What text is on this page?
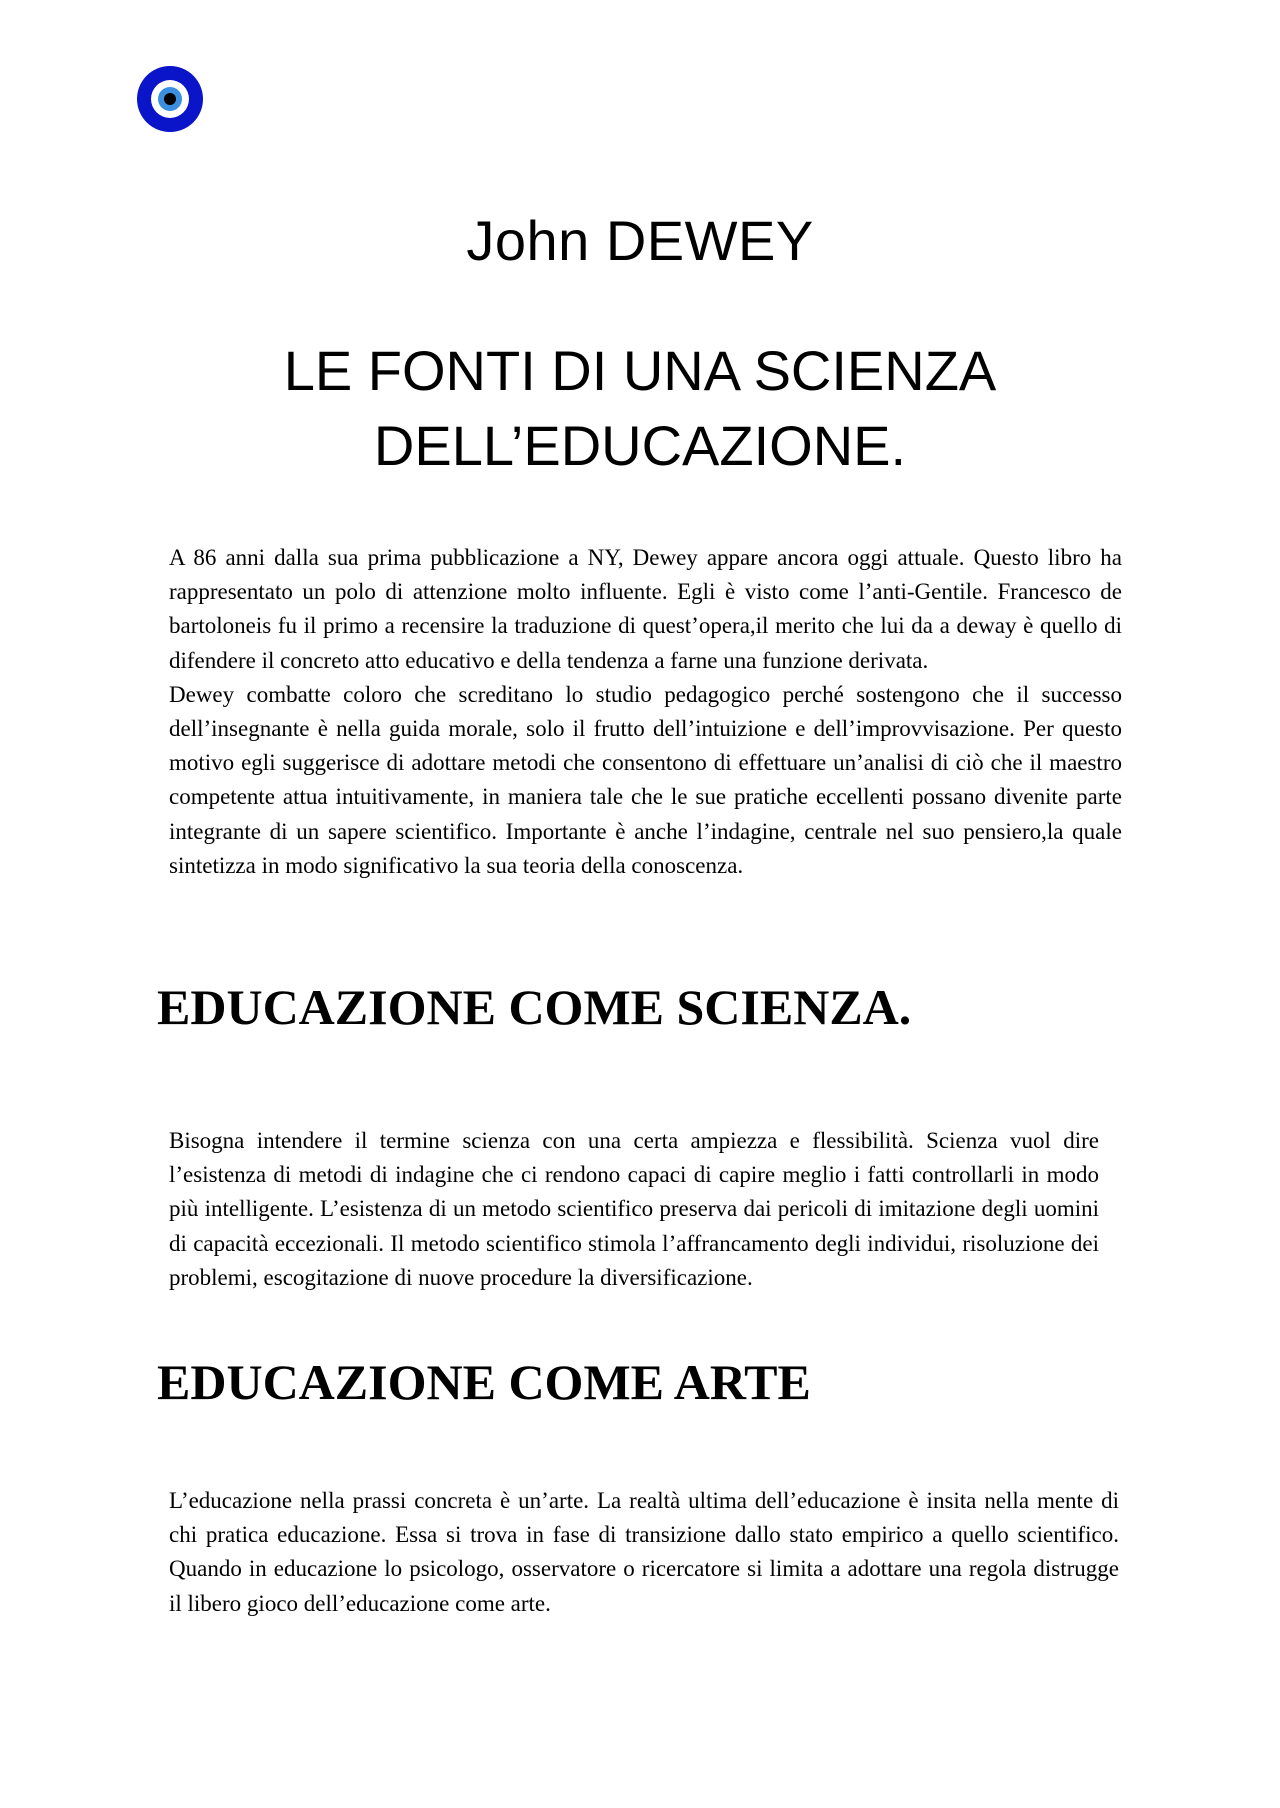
John DEWEY
LE FONTI DI UNA SCIENZA
DELL’EDUCAZIONE.

A 86 anni dalla sua prima pubblicazione a NY, Dewey appare ancora oggi attuale. Questo libro ha rappresentato un polo di attenzione molto influente. Egli è visto come l’anti-Gentile. Francesco de bartoloneis fu il primo a recensire la traduzione di quest’opera,il merito che lui da a deway è quello di difendere il concreto atto educativo e della tendenza a farne una funzione derivata.

Dewey combatte coloro che screditano lo studio pedagogico perché sostengono che il successo dell’insegnante è nella guida morale, solo il frutto dell’intuizione e dell’improvvisazione. Per questo motivo egli suggerisce di adottare metodi che consentono di effettuare un’analisi di ciò che il maestro competente attua intuitivamente, in maniera tale che le sue pratiche eccellenti possano divenite parte integrante di un sapere scientifico. Importante è anche l’indagine, centrale nel suo pensiero,la quale sintetizza in modo significativo la sua teoria della conoscenza.

EDUCAZIONE COME SCIENZA.

Bisogna intendere il termine scienza con una certa ampiezza e flessibilità. Scienza vuol dire l’esistenza di metodi di indagine che ci rendono capaci di capire meglio i fatti controllarli in modo più intelligente. L’esistenza di un metodo scientifico preserva dai pericoli di imitazione degli uomini di capacità eccezionali. Il metodo scientifico stimola l’affrancamento degli individui, risoluzione dei problemi, escogitazione di nuove procedure la diversificazione.

EDUCAZIONE COME ARTE

L’educazione nella prassi concreta è un’arte. La realtà ultima dell’educazione è insita nella mente di chi pratica educazione. Essa si trova in fase di transizione dallo stato empirico a quello scientifico. Quando in educazione lo psicologo, osservatore o ricercatore si limita a adottare una regola distrugge il libero gioco dell’educazione come arte.
